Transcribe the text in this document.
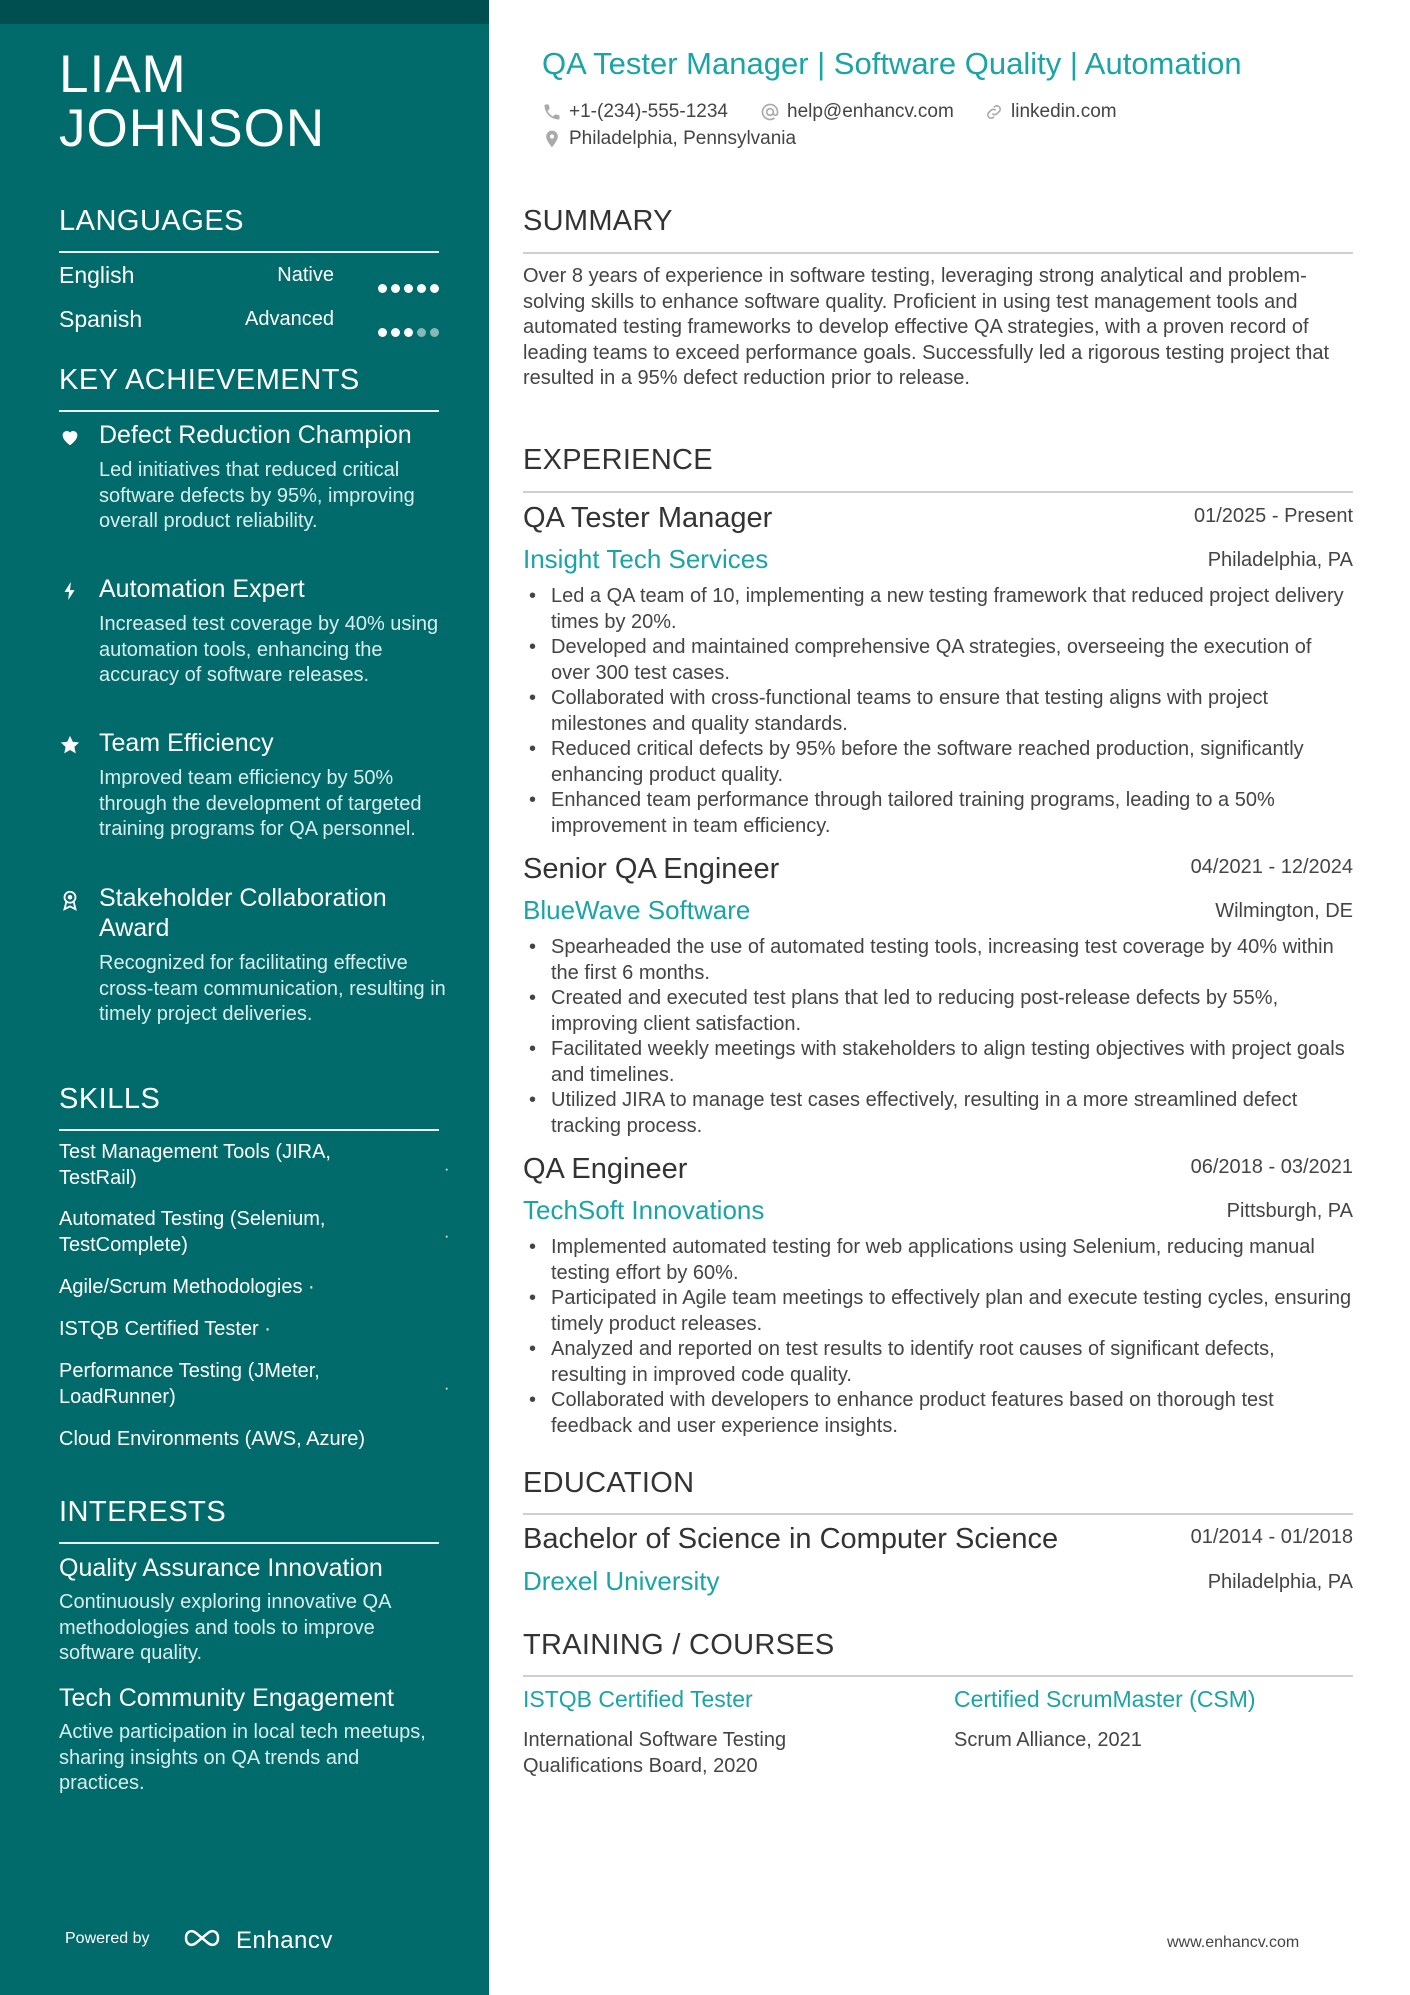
LIAM
JOHNSON
LANGUAGES
English	Native
Spanish	Advanced
KEY ACHIEVEMENTS
Defect Reduction Champion
Led initiatives that reduced critical software defects by 95%, improving overall product reliability.
Automation Expert
Increased test coverage by 40% using automation tools, enhancing the accuracy of software releases.
Team Efficiency
Improved team efficiency by 50% through the development of targeted training programs for QA personnel.
Stakeholder Collaboration Award
Recognized for facilitating effective cross-team communication, resulting in timely project deliveries.
SKILLS
Test Management Tools (JIRA, TestRail)	·
Automated Testing (Selenium, TestComplete)	·
Agile/Scrum Methodologies ·
ISTQB Certified Tester ·
Performance Testing (JMeter, LoadRunner)	·
Cloud Environments (AWS, Azure)
INTERESTS
Quality Assurance Innovation
Continuously exploring innovative QA methodologies and tools to improve software quality.
Tech Community Engagement
Active participation in local tech meetups, sharing insights on QA trends and practices.
Powered by	Enhancv
QA Tester Manager | Software Quality | Automation
+1-(234)-555-1234	help@enhancv.com	linkedin.com
Philadelphia, Pennsylvania
SUMMARY
Over 8 years of experience in software testing, leveraging strong analytical and problem-solving skills to enhance software quality. Proficient in using test management tools and automated testing frameworks to develop effective QA strategies, with a proven record of leading teams to exceed performance goals. Successfully led a rigorous testing project that resulted in a 95% defect reduction prior to release.
EXPERIENCE
QA Tester Manager	01/2025 - Present
Insight Tech Services	Philadelphia, PA
• Led a QA team of 10, implementing a new testing framework that reduced project delivery times by 20%.
• Developed and maintained comprehensive QA strategies, overseeing the execution of over 300 test cases.
• Collaborated with cross-functional teams to ensure that testing aligns with project milestones and quality standards.
• Reduced critical defects by 95% before the software reached production, significantly enhancing product quality.
• Enhanced team performance through tailored training programs, leading to a 50% improvement in team efficiency.
Senior QA Engineer	04/2021 - 12/2024
BlueWave Software	Wilmington, DE
• Spearheaded the use of automated testing tools, increasing test coverage by 40% within the first 6 months.
• Created and executed test plans that led to reducing post-release defects by 55%, improving client satisfaction.
• Facilitated weekly meetings with stakeholders to align testing objectives with project goals and timelines.
• Utilized JIRA to manage test cases effectively, resulting in a more streamlined defect tracking process.
QA Engineer	06/2018 - 03/2021
TechSoft Innovations	Pittsburgh, PA
• Implemented automated testing for web applications using Selenium, reducing manual testing effort by 60%.
• Participated in Agile team meetings to effectively plan and execute testing cycles, ensuring timely product releases.
• Analyzed and reported on test results to identify root causes of significant defects, resulting in improved code quality.
• Collaborated with developers to enhance product features based on thorough test feedback and user experience insights.
EDUCATION
Bachelor of Science in Computer Science	01/2014 - 01/2018
Drexel University	Philadelphia, PA
TRAINING / COURSES
ISTQB Certified Tester
International Software Testing Qualifications Board, 2020
Certified ScrumMaster (CSM)
Scrum Alliance, 2021
www.enhancv.com
